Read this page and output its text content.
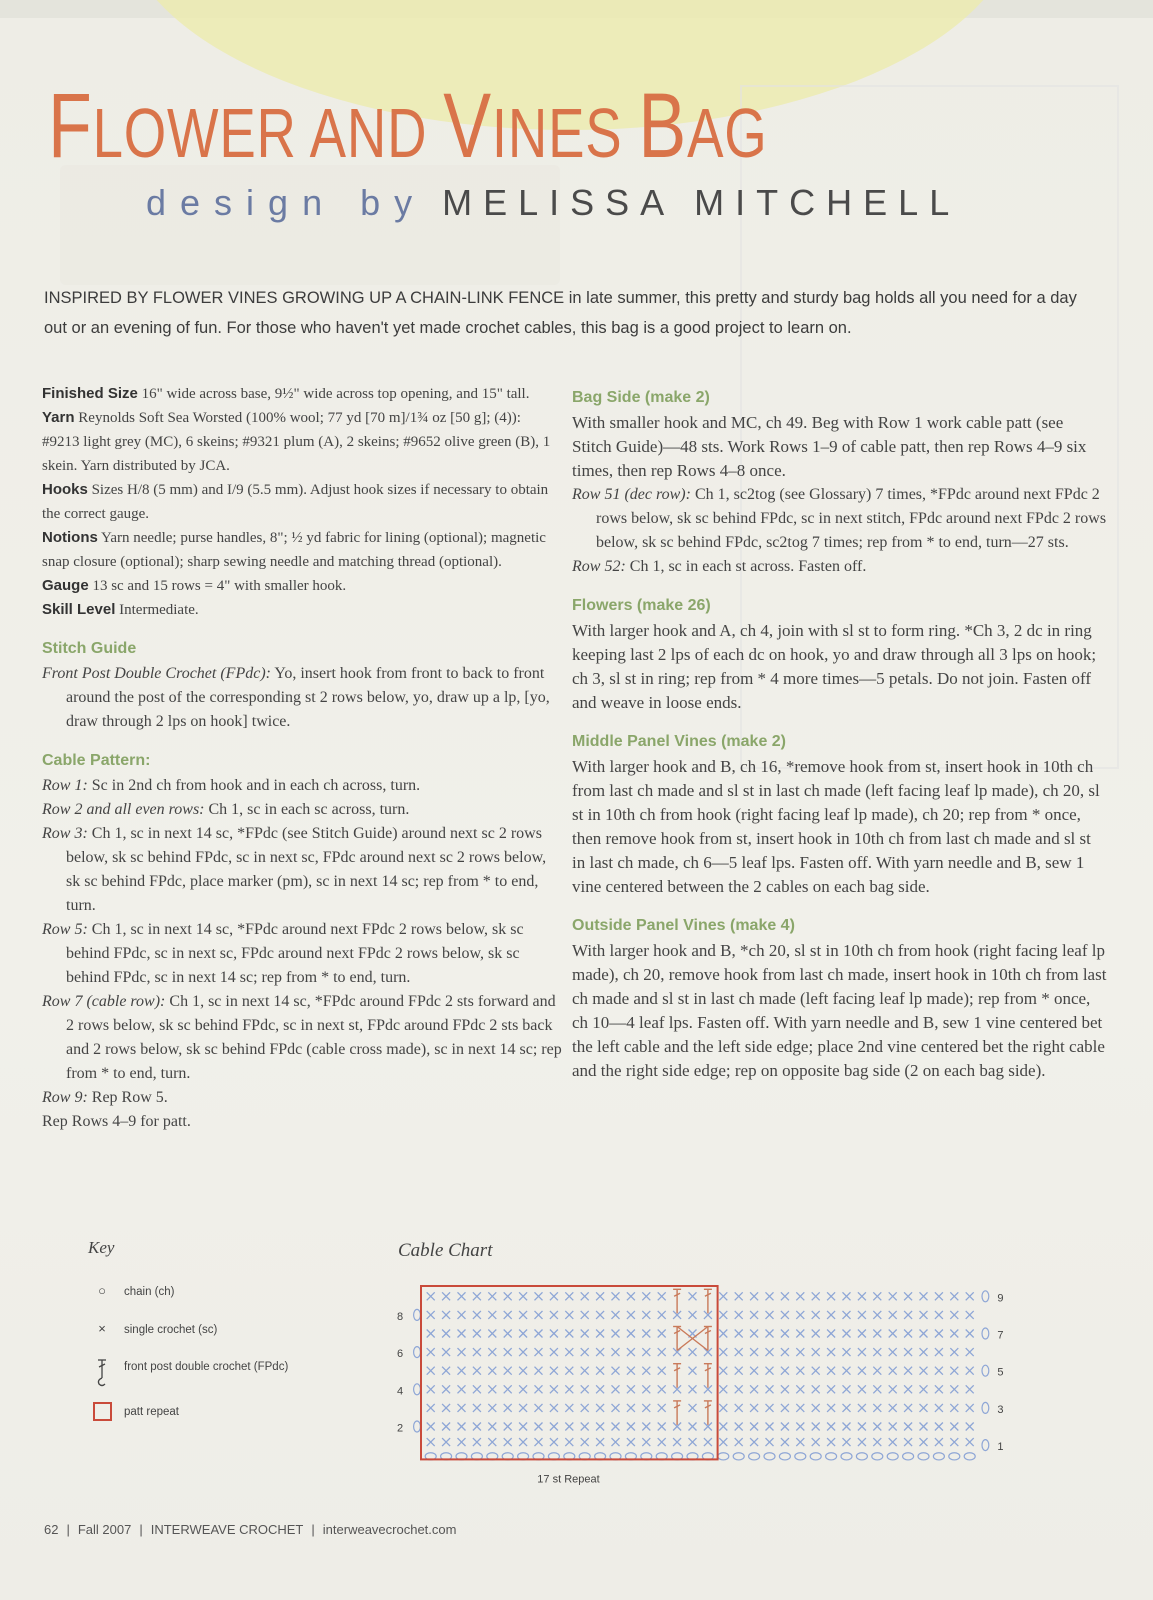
FLOWER AND VINES BAG
design by MELISSA MITCHELL
INSPIRED BY FLOWER VINES GROWING UP A CHAIN-LINK FENCE in late summer, this pretty and sturdy bag holds all you need for a day out or an evening of fun. For those who haven't yet made crochet cables, this bag is a good project to learn on.

Finished Size 16" wide across base, 9½" wide across top opening, and 15" tall.

Yarn Reynolds Soft Sea Worsted (100% wool; 77 yd [70 m]/1¾ oz [50 g]; (4)): #9213 light grey (MC), 6 skeins; #9321 plum (A), 2 skeins; #9652 olive green (B), 1 skein. Yarn distributed by JCA.

Hooks Sizes H/8 (5 mm) and I/9 (5.5 mm). Adjust hook sizes if necessary to obtain the correct gauge.

Notions Yarn needle; purse handles, 8"; ½ yd fabric for lining (optional); magnetic snap closure (optional); sharp sewing needle and matching thread (optional).

Gauge 13 sc and 15 rows = 4" with smaller hook.

Skill Level Intermediate.

Stitch Guide

Front Post Double Crochet (FPdc): Yo, insert hook from front to back to front around the post of the corresponding st 2 rows below, yo, draw up a lp, [yo, draw through 2 lps on hook] twice.

Cable Pattern:

Row 1: Sc in 2nd ch from hook and in each ch across, turn.

Row 2 and all even rows: Ch 1, sc in each sc across, turn.

Row 3: Ch 1, sc in next 14 sc, *FPdc (see Stitch Guide) around next sc 2 rows below, sk sc behind FPdc, sc in next sc, FPdc around next sc 2 rows below, sk sc behind FPdc, place marker (pm), sc in next 14 sc; rep from * to end, turn.

Row 5: Ch 1, sc in next 14 sc, *FPdc around next FPdc 2 rows below, sk sc behind FPdc, sc in next sc, FPdc around next FPdc 2 rows below, sk sc behind FPdc, sc in next 14 sc; rep from * to end, turn.

Row 7 (cable row): Ch 1, sc in next 14 sc, *FPdc around FPdc 2 sts forward and 2 rows below, sk sc behind FPdc, sc in next st, FPdc around FPdc 2 sts back and 2 rows below, sk sc behind FPdc (cable cross made), sc in next 14 sc; rep from * to end, turn.

Row 9: Rep Row 5.

Rep Rows 4–9 for patt.

Bag Side (make 2)

With smaller hook and MC, ch 49. Beg with Row 1 work cable patt (see Stitch Guide)—48 sts. Work Rows 1–9 of cable patt, then rep Rows 4–9 six times, then rep Rows 4–8 once.

Row 51 (dec row): Ch 1, sc2tog (see Glossary) 7 times, *FPdc around next FPdc 2 rows below, sk sc behind FPdc, sc in next stitch, FPdc around next FPdc 2 rows below, sk sc behind FPdc, sc2tog 7 times; rep from * to end, turn—27 sts.

Row 52: Ch 1, sc in each st across. Fasten off.

Flowers (make 26)

With larger hook and A, ch 4, join with sl st to form ring. *Ch 3, 2 dc in ring keeping last 2 lps of each dc on hook, yo and draw through all 3 lps on hook; ch 3, sl st in ring; rep from * 4 more times—5 petals. Do not join. Fasten off and weave in loose ends.

Middle Panel Vines (make 2)

With larger hook and B, ch 16, *remove hook from st, insert hook in 10th ch from last ch made and sl st in last ch made (left facing leaf lp made), ch 20, sl st in 10th ch from hook (right facing leaf lp made), ch 20; rep from * once, then remove hook from st, insert hook in 10th ch from last ch made and sl st in last ch made, ch 6—5 leaf lps. Fasten off. With yarn needle and B, sew 1 vine centered between the 2 cables on each bag side.

Outside Panel Vines (make 4)

With larger hook and B, *ch 20, sl st in 10th ch from hook (right facing leaf lp made), ch 20, remove hook from last ch made, insert hook in 10th ch from last ch made and sl st in last ch made (left facing leaf lp made); rep from * once, ch 10—4 leaf lps. Fasten off. With yarn needle and B, sew 1 vine centered bet the left cable and the left side edge; place 2nd vine centered bet the right cable and the right side edge; rep on opposite bag side (2 on each bag side).

Key
○ chain (ch)
× single crochet (sc)
front post double crochet (FPdc)
patt repeat
Cable Chart
8
6
4
2
9
7
5
3
1
17 st Repeat
62 | Fall 2007 | INTERWEAVE CROCHET | interweavecrochet.com
